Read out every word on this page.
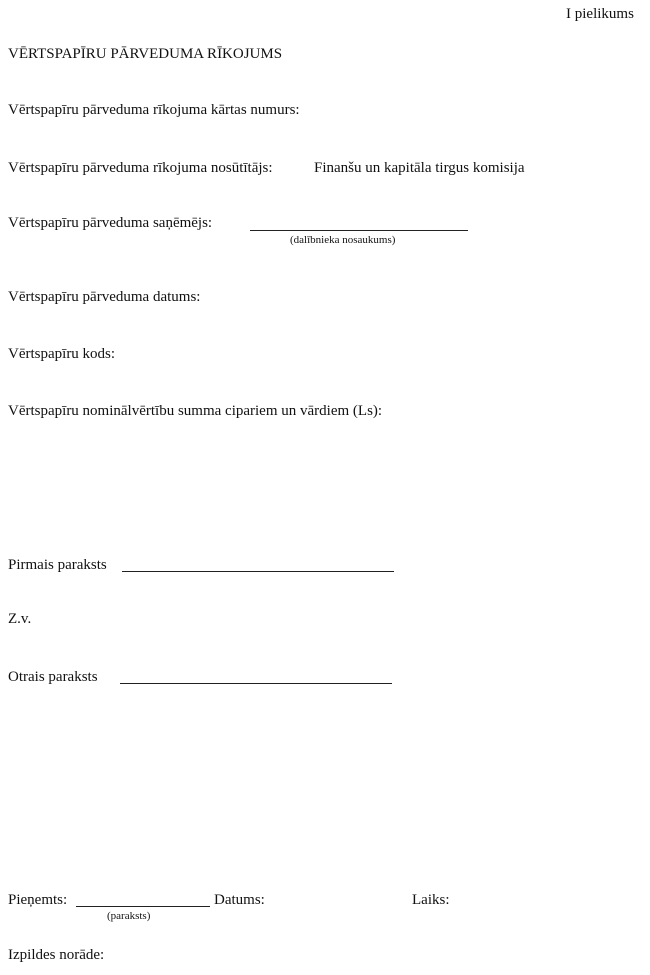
I pielikums
VĒRTSPAPĪRU PĀRVEDUMA RĪKOJUMS
Vērtspapīru pārveduma rīkojuma kārtas numurs:
Vērtspapīru pārveduma rīkojuma nosūtītājs:	Finanšu un kapitāla tirgus komisija
Vērtspapīru pārveduma saņēmējs:
(dalībnieka nosaukums)
Vērtspapīru pārveduma datums:
Vērtspapīru kods:
Vērtspapīru nominālvērtību summa cipariem un vārdiem (Ls):
Pirmais paraksts
Z.v.
Otrais paraksts
Pieņemts:
(paraksts)
Datums:	Laiks:
Izpildes norāde:
